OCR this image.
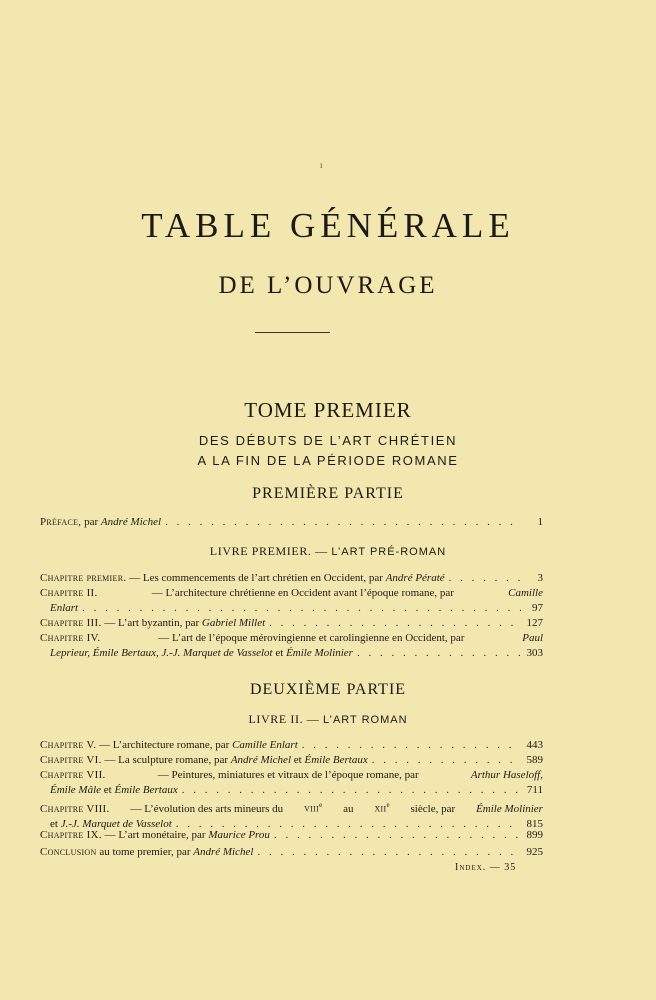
ı
TABLE GÉNÉRALE
DE L’OUVRAGE
TOME PREMIER
DES DÉBUTS DE L’ART CHRÉTIEN
A LA FIN DE LA PÉRIODE ROMANE
PREMIÈRE PARTIE
Préface, par André Michel . . .	1
LIVRE PREMIER. — L’ART PRÉ-ROMAN
Chapitre premier. — Les commencements de l’art chrétien en Occident, par André Pératé . . .	3
Chapitre II.	— L’architecture chrétienne en Occident avant l’époque romane, par	Camille
Enlart . . .	97
Chapitre III. — L’art byzantin, par Gabriel Millet . . .	127
Chapitre IV.	— L’art de l’époque mérovingienne et carolingienne en Occident, par	Paul
Leprieur, Émile Bertaux, J.-J. Marquet de Vasselot et Émile Molinier . . .	303
DEUXIÈME PARTIE
LIVRE II. — L’ART ROMAN
Chapitre V. — L’architecture romane, par Camille Enlart . . .	443
Chapitre VI. — La sculpture romane, par André Michel et Émile Bertaux . . .	589
Chapitre VII.	— Peintures, miniatures et vitraux de l’époque romane, par	Arthur Haseloff,
Émile Mâle et Émile Bertaux . . .	711
Chapitre VIII. — L’évolution des arts mineurs du viii$^e$ au xii$^e$ siècle, par Émile Molinier
et J.-J. Marquet de Vasselot . . .	815
Chapitre IX. — L’art monétaire, par Maurice Prou . . .	899
Conclusion au tome premier, par André Michel . . .	925
Index. — 35
